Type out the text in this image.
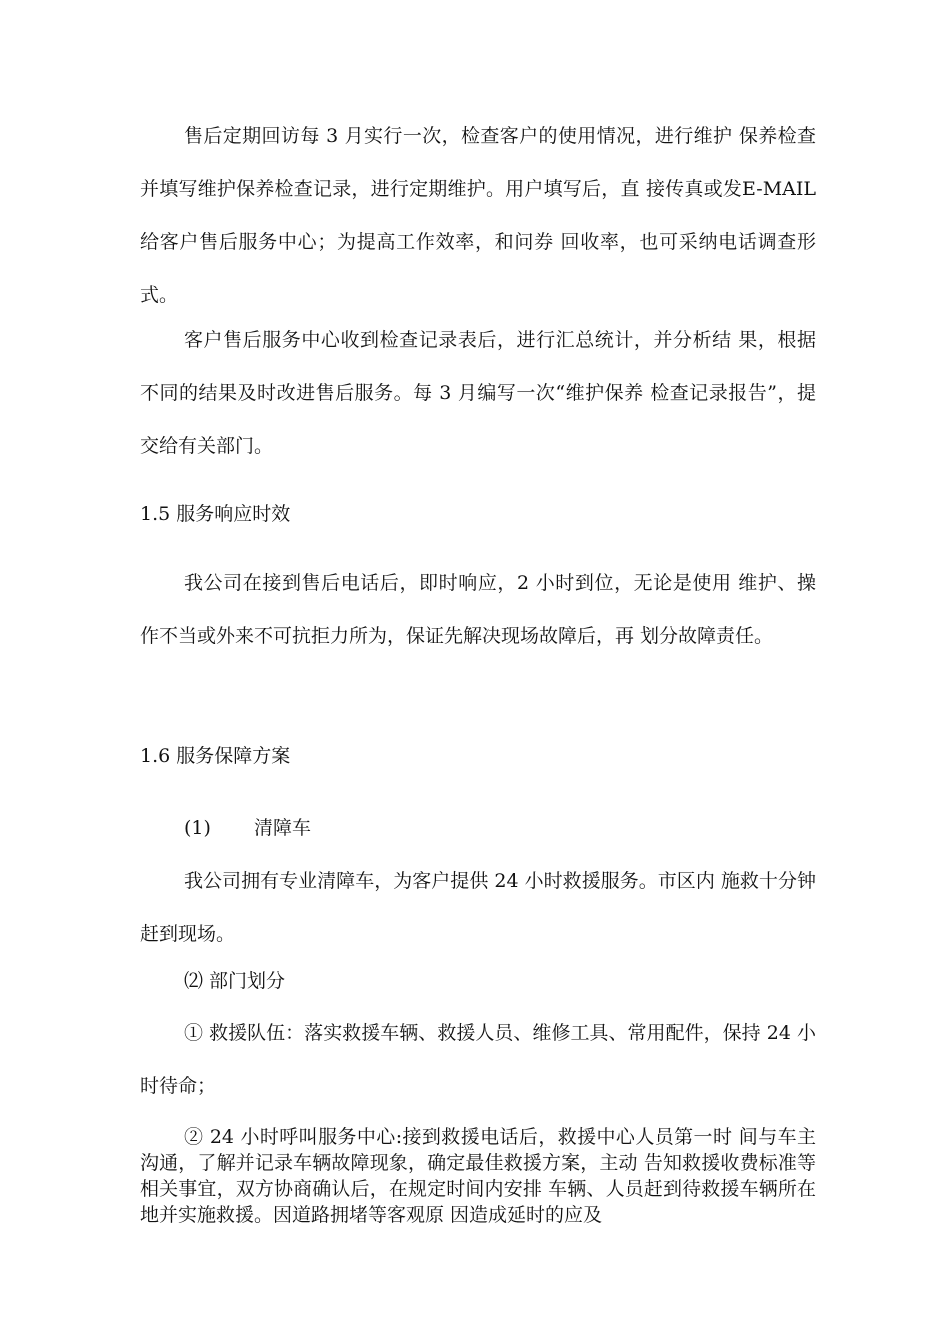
售后定期回访每 3 月实行一次，检查客户的使用情况，进行维护 保养检查并填写维护保养检查记录，进行定期维护。用户填写后，直 接传真或发E-MAIL给客户售后服务中心；为提高工作效率，和问券 回收率，也可采纳电话调查形式。

客户售后服务中心收到检查记录表后，进行汇总统计，并分析结 果，根据不同的结果及时改进售后服务。每 3 月编写一次“维护保养 检查记录报告”，提交给有关部门。

1.5 服务响应时效

我公司在接到售后电话后，即时响应，2 小时到位，无论是使用 维护、操作不当或外来不可抗拒力所为，保证先解决现场故障后，再 划分故障责任。

1.6 服务保障方案
(1) 清障车

我公司拥有专业清障车，为客户提供 24 小时救援服务。市区内 施救十分钟赶到现场。

⑵ 部门划分

① 救援队伍：落实救援车辆、救援人员、维修工具、常用配件，保持 24 小时待命；

② 24 小时呼叫服务中心:接到救援电话后，救援中心人员第一时 间与车主沟通，了解并记录车辆故障现象，确定最佳救援方案，主动 告知救援收费标准等相关事宜，双方协商确认后，在规定时间内安排 车辆、人员赶到待救援车辆所在地并实施救援。因道路拥堵等客观原 因造成延时的应及
